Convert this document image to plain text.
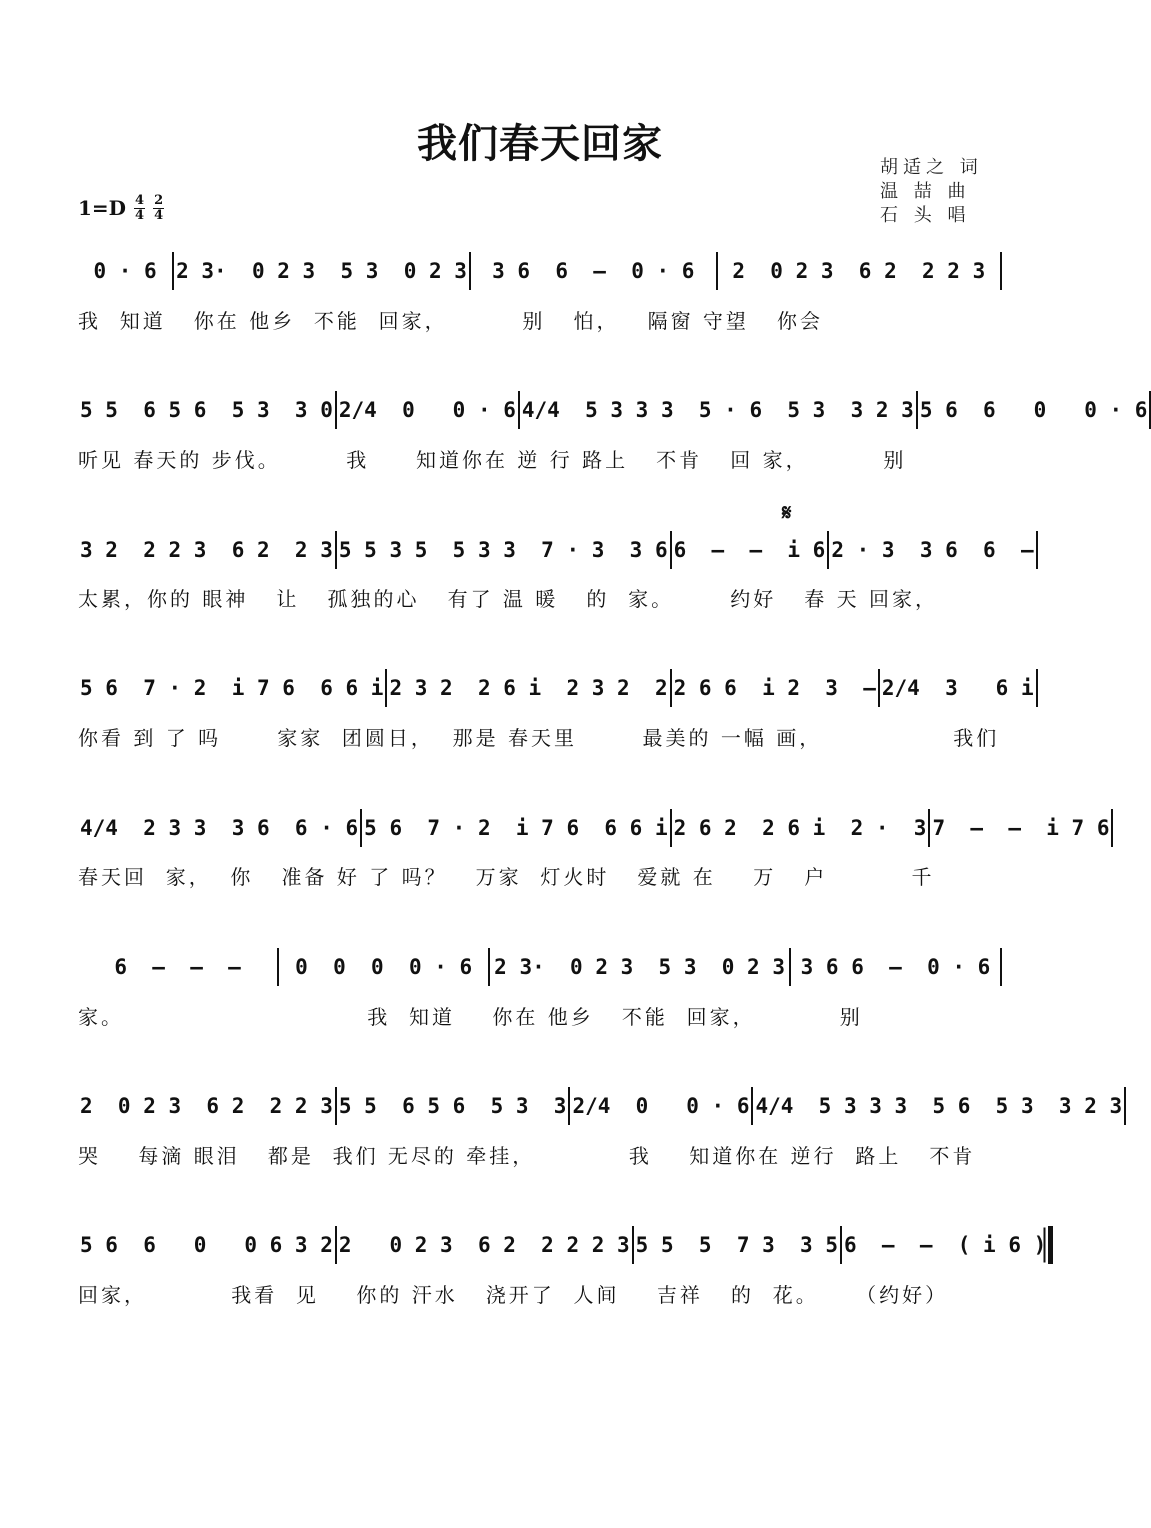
我们春天回家
胡适之 词
温 喆 曲
石 头 唱
$1=D \frac{4}{4} \frac{2}{4}$
𝄋
0 · 6 2 3·  0 2 3  5 3  0 2 3 3 6  6  –  0 · 6 2  0 2 3  6 2  2 2 3
我  知道   你在 他乡  不能  回家，        别   怕，   隔窗 守望   你会
5 5  6 5 6  5 3  3 0 2/4  0   0 · 6 4/4  5 3 3 3  5 · 6  5 3  3 2 3 5 6  6   0   0 · 6
听见 春天的 步伐。       我     知道你在 逆 行 路上   不肯   回 家，        别
3 2  2 2 3  6 2  2 3 5 5 3 5  5 3 3  7 · 3  3 6 6  –  –  i 6 2 · 3  3 6  6  –
太累，你的 眼神   让   孤独的心   有了 温 暖   的  家。      约好   春 天 回家，
5 6  7 · 2  i 7 6  6 6 i 2 3 2  2 6 i  2 3 2  2 2 6 6  i 2  3  – 2/4  3   6 i
你看 到 了 吗      家家  团圆日，  那是 春天里       最美的 一幅 画，              我们
4/4  2 3 3  3 6  6 · 6 5 6  7 · 2  i 7 6  6 6 i 2 6 2  2 6 i  2 ·  3 7  –  –  i 7 6
春天回  家，  你   准备 好 了 吗？   万家  灯火时   爱就 在    万   户         千
6  –  –  –	0  0  0  0 · 6 2 3·  0 2 3  5 3  0 2 3 3 6 6  –  0 · 6
家。                          我  知道    你在 他乡   不能  回家，         别
2  0 2 3  6 2  2 2 3 5 5  6 5 6  5 3  3 2/4  0   0 · 6 4/4  5 3 3 3  5 6  5 3  3 2 3
哭    每滴 眼泪   都是  我们 无尽的 牵挂，          我    知道你在 逆行  路上   不肯
5 6  6   0   0 6 3 2 2   0 2 3  6 2  2 2 2 3 5 5  5  7 3  3 5 6  –  –  ( i 6 )
回家，         我看  见    你的 汗水   浇开了  人间    吉祥   的  花。    （约好）
